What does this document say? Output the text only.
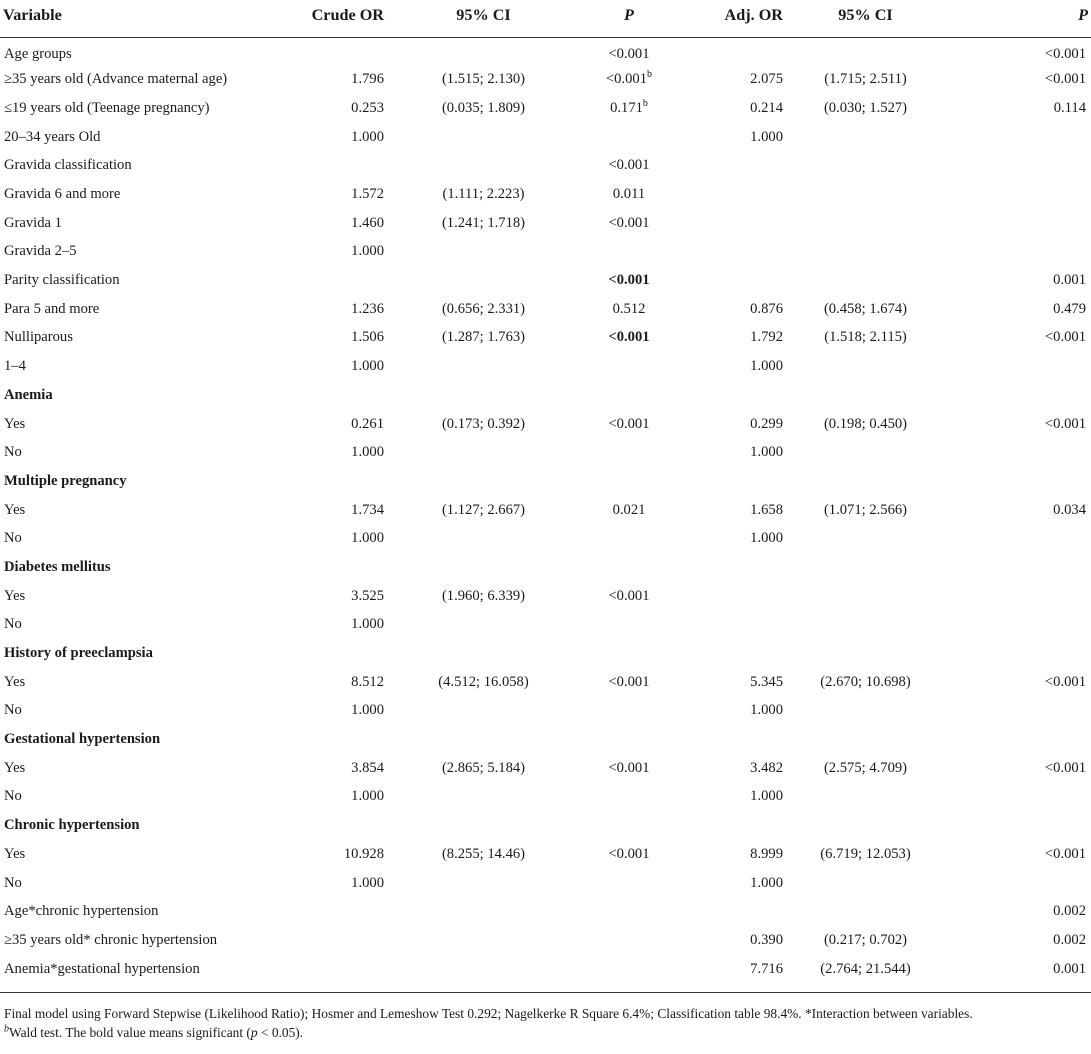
Variable	Crude OR	95% CI	P	Adj. OR	95% CI	P
Age groups			<0.001			<0.001
≥35 years old (Advance maternal age)	1.796	(1.515; 2.130)	<0.001$^b$	2.075	(1.715; 2.511)	<0.001
≤19 years old (Teenage pregnancy)	0.253	(0.035; 1.809)	0.171$^b$	0.214	(0.030; 1.527)	0.114
20–34 years Old	1.000			1.000		
Gravida classification			<0.001			
Gravida 6 and more	1.572	(1.111; 2.223)	0.011			
Gravida 1	1.460	(1.241; 1.718)	<0.001			
Gravida 2–5	1.000					
Parity classification			<0.001			0.001
Para 5 and more	1.236	(0.656; 2.331)	0.512	0.876	(0.458; 1.674)	0.479
Nulliparous	1.506	(1.287; 1.763)	<0.001	1.792	(1.518; 2.115)	<0.001
1–4	1.000			1.000		
Anemia						
Yes	0.261	(0.173; 0.392)	<0.001	0.299	(0.198; 0.450)	<0.001
No	1.000			1.000		
Multiple pregnancy						
Yes	1.734	(1.127; 2.667)	0.021	1.658	(1.071; 2.566)	0.034
No	1.000			1.000		
Diabetes mellitus						
Yes	3.525	(1.960; 6.339)	<0.001			
No	1.000					
History of preeclampsia						
Yes	8.512	(4.512; 16.058)	<0.001	5.345	(2.670; 10.698)	<0.001
No	1.000			1.000		
Gestational hypertension						
Yes	3.854	(2.865; 5.184)	<0.001	3.482	(2.575; 4.709)	<0.001
No	1.000			1.000		
Chronic hypertension						
Yes	10.928	(8.255; 14.46)	<0.001	8.999	(6.719; 12.053)	<0.001
No	1.000			1.000		
Age*chronic hypertension						0.002
≥35 years old* chronic hypertension				0.390	(0.217; 0.702)	0.002
Anemia*gestational hypertension				7.716	(2.764; 21.544)	0.001
Final model using Forward Stepwise (Likelihood Ratio); Hosmer and Lemeshow Test 0.292; Nagelkerke R Square 6.4%; Classification table 98.4%. *Interaction between variables.
$^b$Wald test. The bold value means significant (p < 0.05).
